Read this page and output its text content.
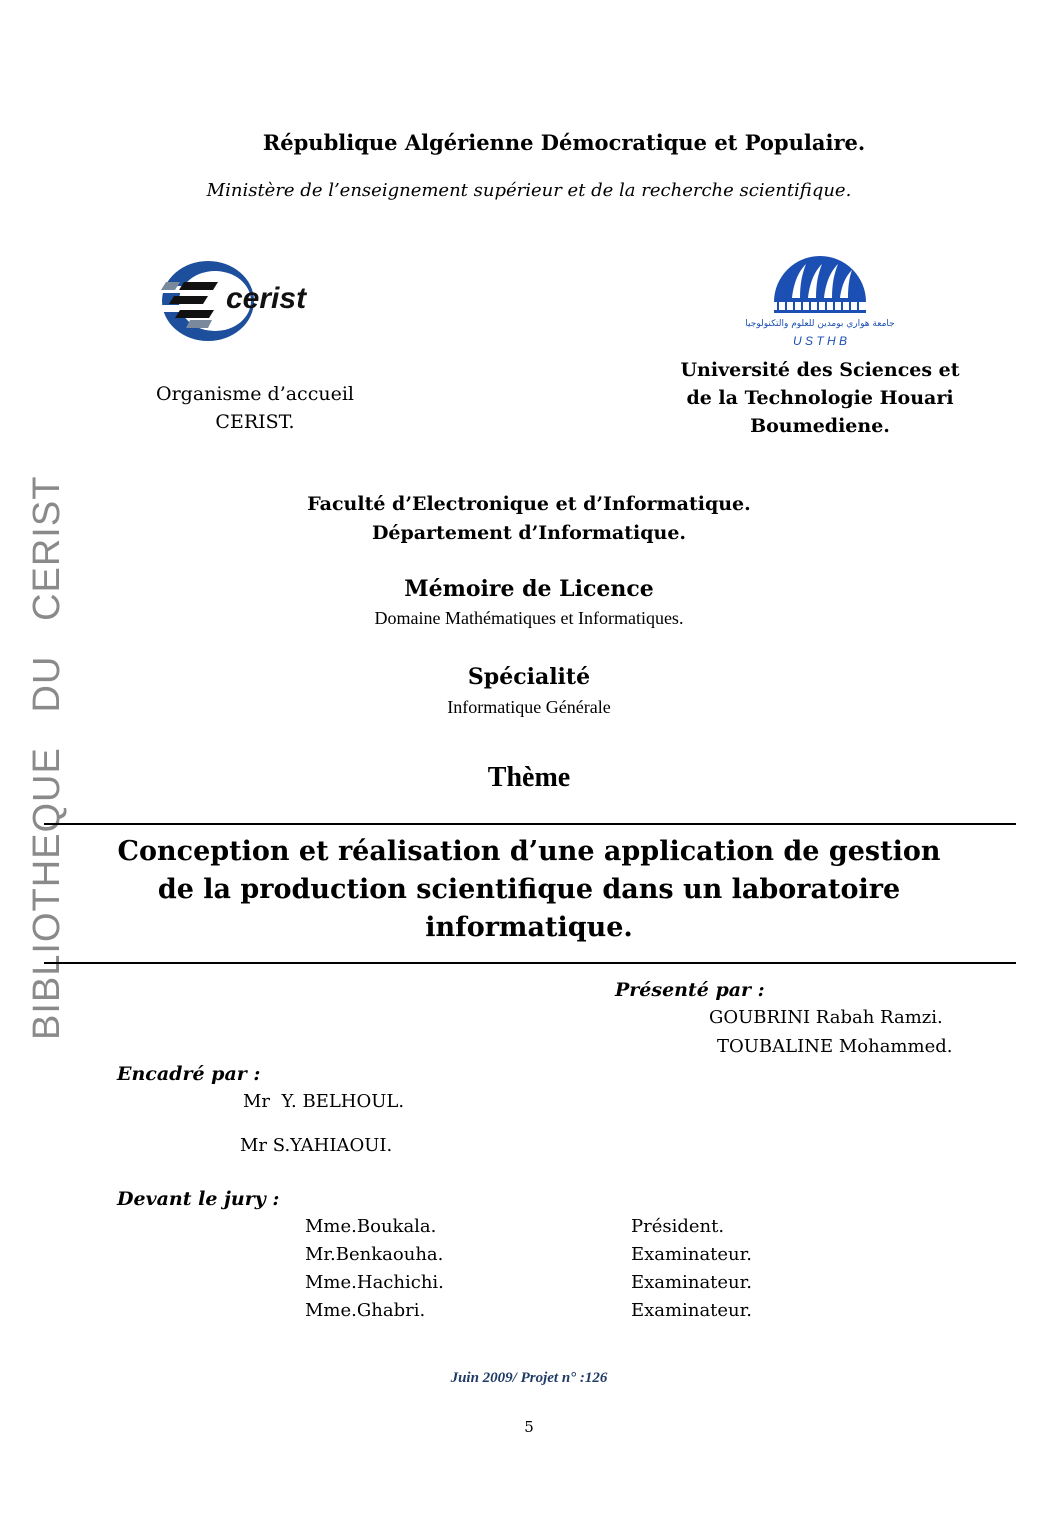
BIBLIOTHEQUE   DU   CERIST
République Algérienne Démocratique et Populaire.
Ministère de l’enseignement supérieur et de la recherche scientifique.
cerist
جامعة هواري بومدين للعلوم والتكنولوجيا
U S T H B
Organisme d’accueil
CERIST.
Université des Sciences et
de la Technologie Houari
Boumediene.
Faculté d’Electronique et d’Informatique.
Département d’Informatique.
Mémoire de Licence
Domaine Mathématiques et Informatiques.
Spécialité
Informatique Générale
Thème
Conception et réalisation d’une application de gestion
de la production scientifique dans un laboratoire
informatique.
Présenté par :
GOUBRINI Rabah Ramzi.
TOUBALINE Mohammed.
Encadré par :
Mr  Y. BELHOUL.
Mr S.YAHIAOUI.
Devant le jury :
Mme.Boukala.	Président.
Mr.Benkaouha.	Examinateur.
Mme.Hachichi.	Examinateur.
Mme.Ghabri.	Examinateur.
Juin 2009/ Projet n° :126
5
